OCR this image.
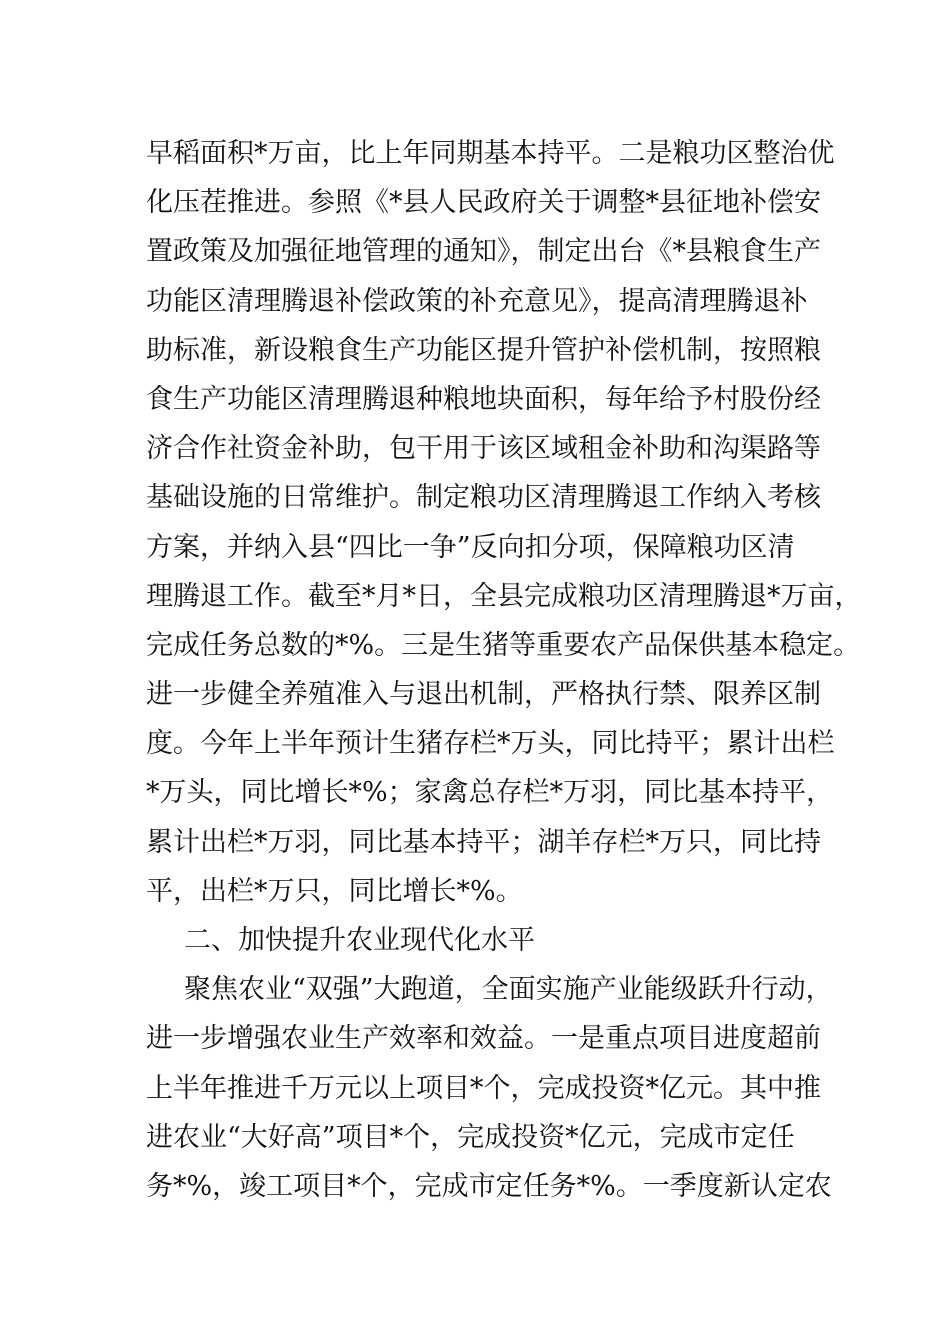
早稻面积*万亩，比上年同期基本持平。二是粮功区整治优
化压茬推进。参照《*县人民政府关于调整*县征地补偿安
置政策及加强征地管理的通知》，制定出台《*县粮食生产
功能区清理腾退补偿政策的补充意见》，提高清理腾退补
助标准，新设粮食生产功能区提升管护补偿机制，按照粮
食生产功能区清理腾退种粮地块面积，每年给予村股份经
济合作社资金补助，包干用于该区域租金补助和沟渠路等
基础设施的日常维护。制定粮功区清理腾退工作纳入考核
方案，并纳入县“四比一争”反向扣分项，保障粮功区清
理腾退工作。截至*月*日，全县完成粮功区清理腾退*万亩，
完成任务总数的*%。三是生猪等重要农产品保供基本稳定。
进一步健全养殖准入与退出机制，严格执行禁、限养区制
度。今年上半年预计生猪存栏*万头，同比持平；累计出栏
*万头，同比增长*%；家禽总存栏*万羽，同比基本持平，
累计出栏*万羽，同比基本持平；湖羊存栏*万只，同比持
平，出栏*万只，同比增长*%。
二、加快提升农业现代化水平
聚焦农业“双强”大跑道，全面实施产业能级跃升行动，
进一步增强农业生产效率和效益。一是重点项目进度超前
上半年推进千万元以上项目*个，完成投资*亿元。其中推
进农业“大好高”项目*个，完成投资*亿元，完成市定任
务*%，竣工项目*个，完成市定任务*%。一季度新认定农
